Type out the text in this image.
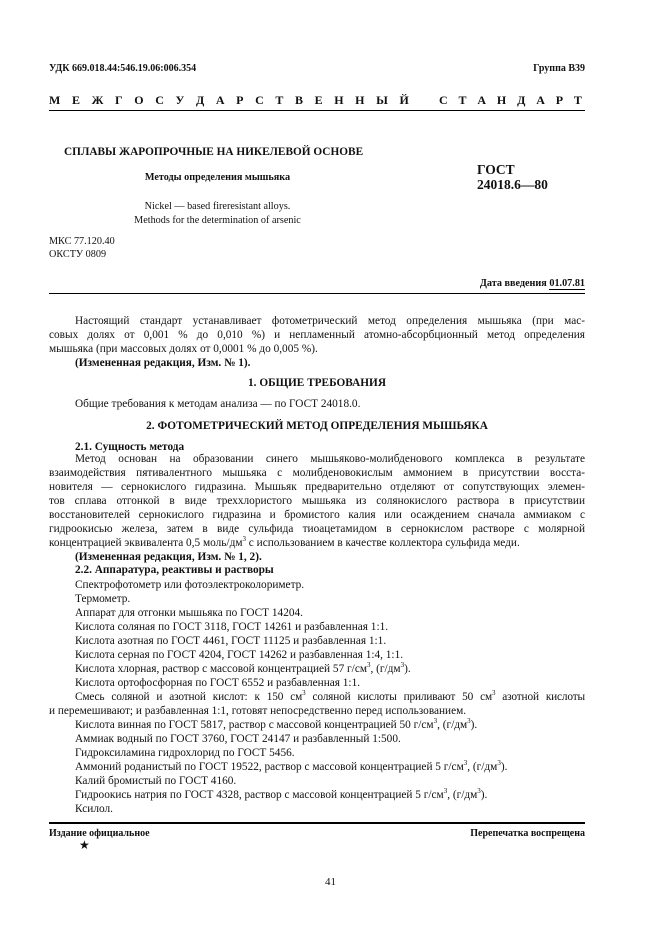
УДК 669.018.44:546.19.06:006.354	Группа В39
М Е Ж Г О С У Д А Р С Т В Е Н Н Ы Й	С Т А Н Д А Р Т
СПЛАВЫ ЖАРОПРОЧНЫЕ НА НИКЕЛЕВОЙ ОСНОВЕ
Методы определения мышьяка
Nickel — based firеresistant alloys.
Methods for the determination of arsenic
ГОСТ
24018.6—80
МКС 77.120.40
ОКСТУ 0809
Дата введения 01.07.81
Настоящий стандарт устанавливает фотометрический метод определения мышьяка (при мас-
совых долях от 0,001 % до 0,010 %) и непламенный атомно-абсорбционный метод определения
мышьяка (при массовых долях от 0,0001 % до 0,005 %).
(Измененная редакция, Изм. № 1).
1. ОБЩИЕ ТРЕБОВАНИЯ
Общие требования к методам анализа — по ГОСТ 24018.0.
2. ФОТОМЕТРИЧЕСКИЙ МЕТОД ОПРЕДЕЛЕНИЯ МЫШЬЯКА
2.1. Сущность метода
Метод основан на образовании синего мышьяково-молибденового комплекса в результате
взаимодействия пятивалентного мышьяка с молибденовокислым аммонием в присутствии восста-
новителя — сернокислого гидразина. Мышьяк предварительно отделяют от сопутствующих элемен-
тов сплава отгонкой в виде треххлористого мышьяка из солянокислого раствора в присутствии
восстановителей сернокислого гидразина и бромистого калия или осаждением сначала аммиаком с
гидроокисью железа, затем в виде сульфида тиоацетамидом в сернокислом растворе с молярной
концентрацией эквивалента 0,5 моль/$дм^3$ с использованием в качестве коллектора сульфида меди.
(Измененная редакция, Изм. № 1, 2).
2.2. Аппаратура, реактивы и растворы
Спектрофотометр или фотоэлектроколориметр.
Термометр.
Аппарат для отгонки мышьяка по ГОСТ 14204.
Кислота соляная по ГОСТ 3118, ГОСТ 14261 и разбавленная 1:1.
Кислота азотная по ГОСТ 4461, ГОСТ 11125 и разбавленная 1:1.
Кислота серная по ГОСТ 4204, ГОСТ 14262 и разбавленная 1:4, 1:1.
Кислота хлорная, раствор с массовой концентрацией 57 $г/см^3$, $(г/дм^3)$.
Кислота ортофосфорная по ГОСТ 6552 и разбавленная 1:1.
Смесь соляной и азотной кислот: к 150 $см^3$ соляной кислоты приливают 50 $см^3$ азотной кислоты
и перемешивают; и разбавленная 1:1, готовят непосредственно перед использованием.
Кислота винная по ГОСТ 5817, раствор с массовой концентрацией 50 $г/см^3$, $(г/дм^3)$.
Аммиак водный по ГОСТ 3760, ГОСТ 24147 и разбавленный 1:500.
Гидроксиламина гидрохлорид по ГОСТ 5456.
Аммоний роданистый по ГОСТ 19522, раствор с массовой концентрацией 5 $г/см^3$, $(г/дм^3)$.
Калий бромистый по ГОСТ 4160.
Гидроокись натрия по ГОСТ 4328, раствор с массовой концентрацией 5 $г/см^3$, $(г/дм^3)$.
Ксилол.
Издание официальное	Перепечатка воспрещена
★
41
